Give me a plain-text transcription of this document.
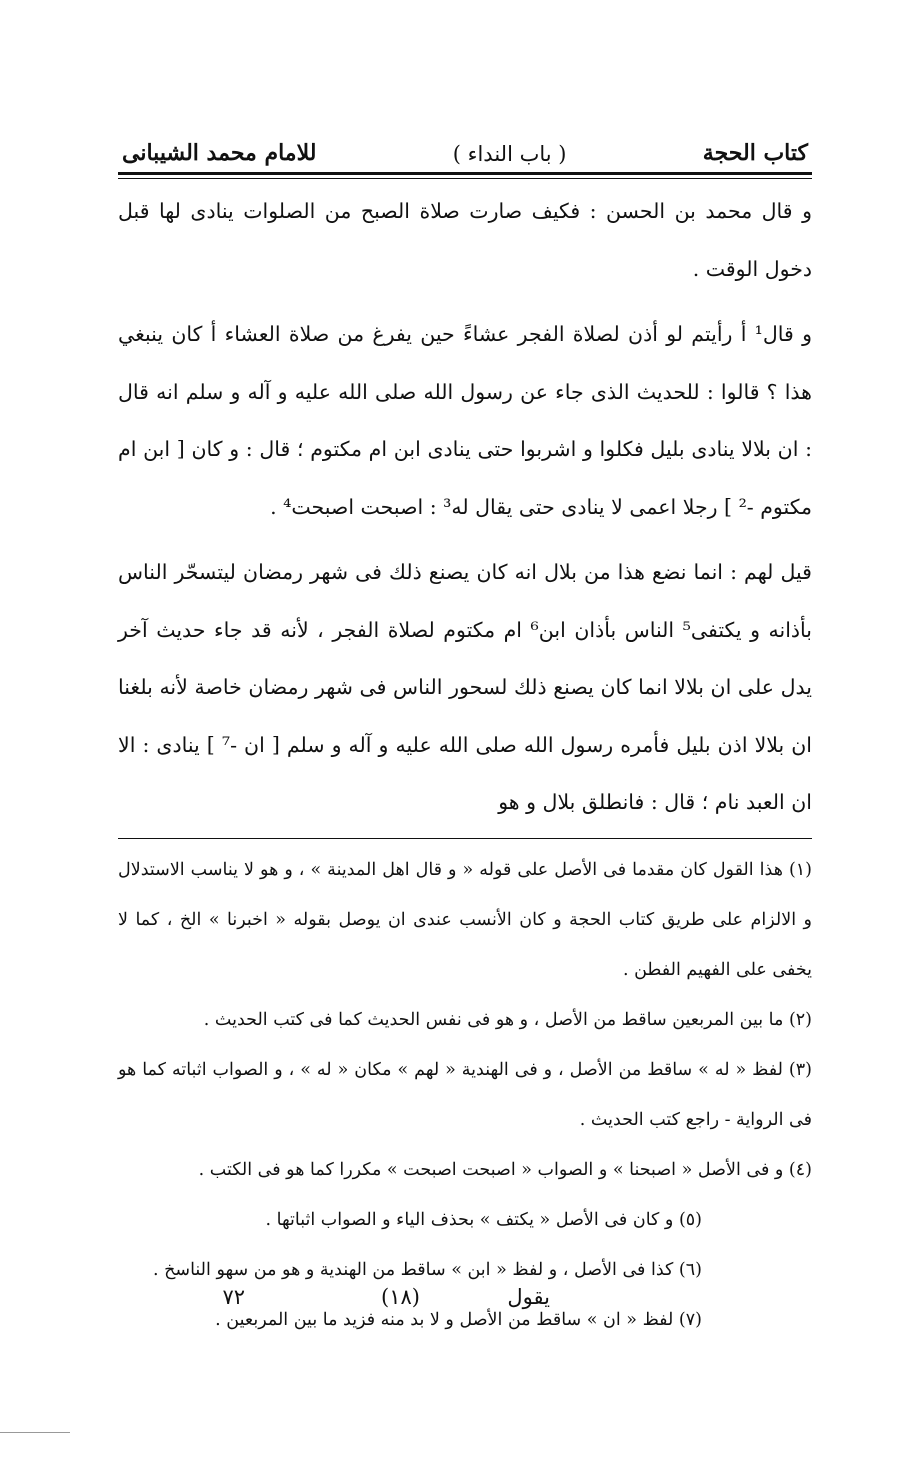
كتاب الحجة
( باب النداء )
للامام محمد الشيبانى

و قال محمد بن الحسن : فكيف صارت صلاة الصبح من الصلوات ينادى لها قبل دخول الوقت .

و قال¹ أ رأيتم لو أذن لصلاة الفجر عشاءً حين يفرغ من صلاة العشاء أ كان ينبغي هذا ؟ قالوا : للحديث الذى جاء عن رسول الله صلى الله عليه و آله و سلم انه قال : ان بلالا ينادى بليل فكلوا و اشربوا حتى ينادى ابن ام مكتوم ؛ قال : و كان [ ابن ام مكتوم -² ] رجلا اعمى لا ينادى حتى يقال له³ : اصبحت اصبحت⁴ .

قيل لهم : انما نضع هذا من بلال انه كان يصنع ذلك فى شهر رمضان ليتسحّر الناس بأذانه و يكتفى⁵ الناس بأذان ابن⁶ ام مكتوم لصلاة الفجر ، لأنه قد جاء حديث آخر يدل على ان بلالا انما كان يصنع ذلك لسحور الناس فى شهر رمضان خاصة لأنه بلغنا ان بلالا اذن بليل فأمره رسول الله صلى الله عليه و آله و سلم [ ان -⁷ ] ينادى : الا ان العبد نام ؛ قال : فانطلق بلال و هو

(١) هذا القول كان مقدما فى الأصل على قوله « و قال اهل المدينة » ، و هو لا يناسب الاستدلال و الالزام على طريق كتاب الحجة و كان الأنسب عندى ان يوصل بقوله « اخبرنا » الخ ، كما لا يخفى على الفهيم الفطن .

(٢) ما بين المربعين ساقط من الأصل ، و هو فى نفس الحديث كما فى كتب الحديث .

(٣) لفظ « له » ساقط من الأصل ، و فى الهندية « لهم » مكان « له » ، و الصواب اثباته كما هو فى الرواية - راجع كتب الحديث .

(٤) و فى الأصل « اصبحنا » و الصواب « اصبحت اصبحت » مكررا كما هو فى الكتب .

(٥) و كان فى الأصل « يكتف » بحذف الياء و الصواب اثباتها .

(٦) كذا فى الأصل ، و لفظ « ابن » ساقط من الهندية و هو من سهو الناسخ .

(٧) لفظ « ان » ساقط من الأصل و لا بد منه فزيد ما بين المربعين .

يقول
(١٨)
٧٢
